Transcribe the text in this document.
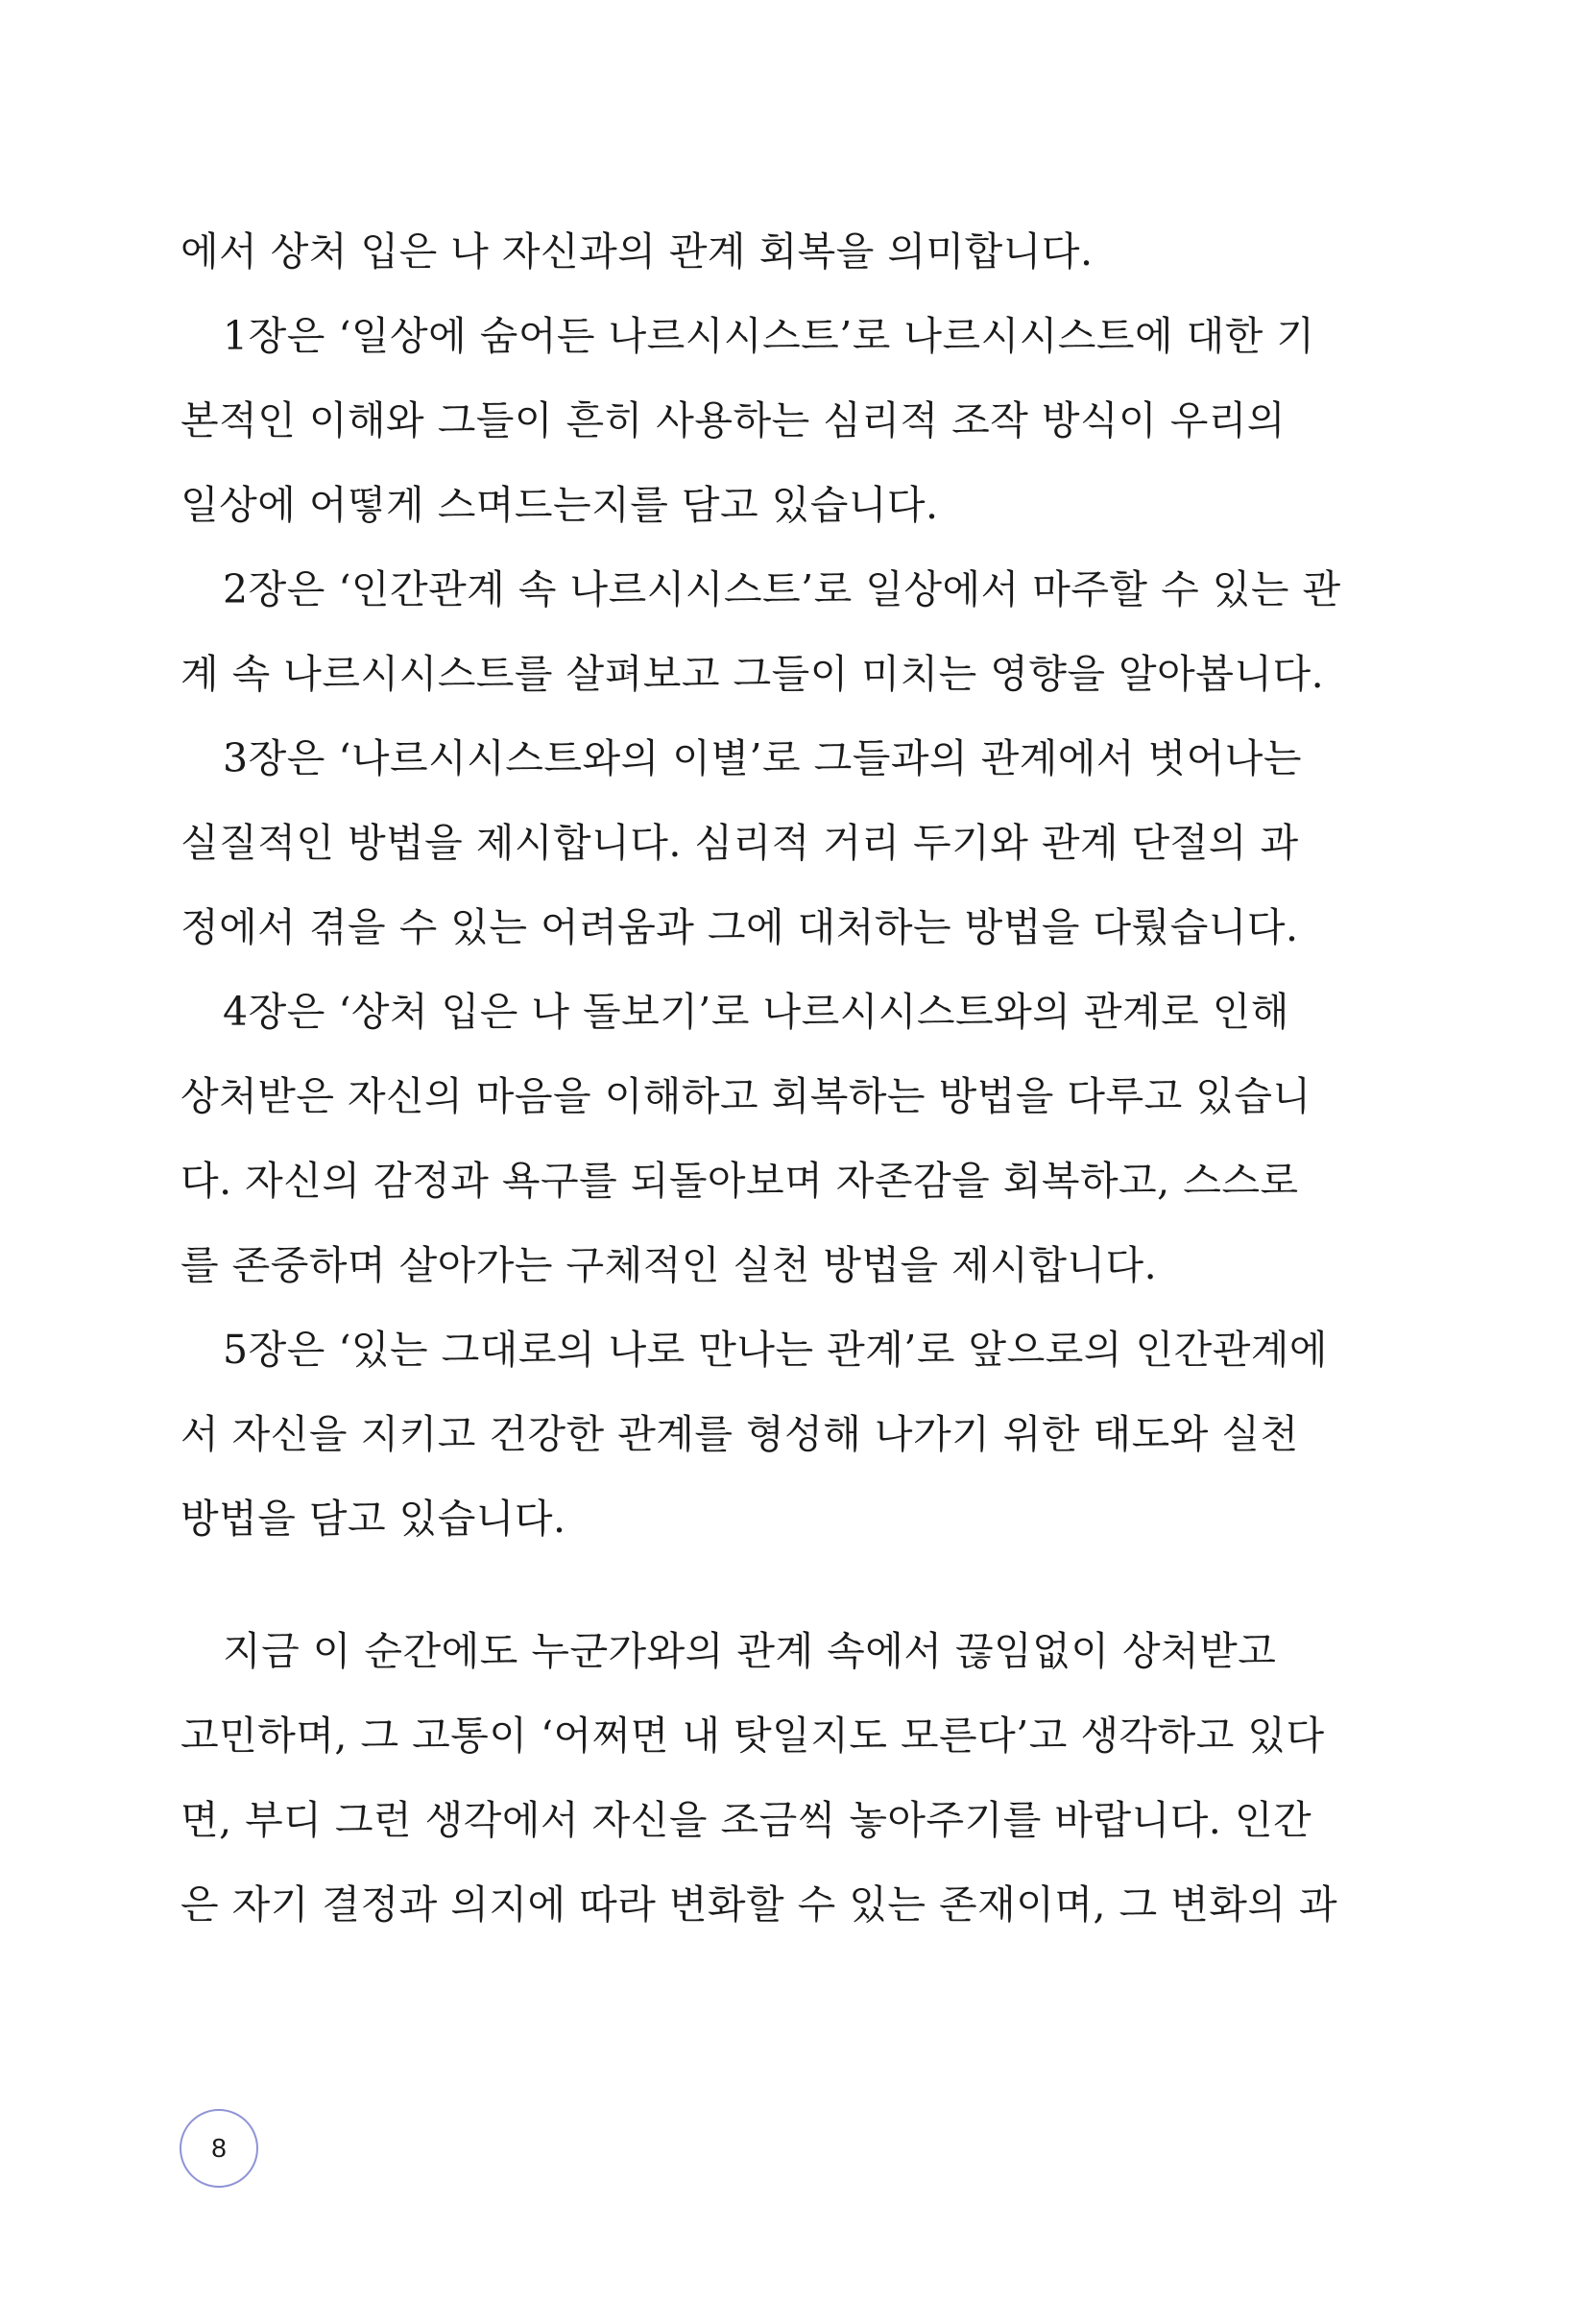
에서 상처 입은 나 자신과의 관계 회복을 의미합니다.
1장은 ‘일상에 숨어든 나르시시스트’로 나르시시스트에 대한 기
본적인 이해와 그들이 흔히 사용하는 심리적 조작 방식이 우리의
일상에 어떻게 스며드는지를 담고 있습니다.
2장은 ‘인간관계 속 나르시시스트’로 일상에서 마주할 수 있는 관
계 속 나르시시스트를 살펴보고 그들이 미치는 영향을 알아봅니다.
3장은 ‘나르시시스트와의 이별’로 그들과의 관계에서 벗어나는
실질적인 방법을 제시합니다. 심리적 거리 두기와 관계 단절의 과
정에서 겪을 수 있는 어려움과 그에 대처하는 방법을 다뤘습니다.
4장은 ‘상처 입은 나 돌보기’로 나르시시스트와의 관계로 인해
상처받은 자신의 마음을 이해하고 회복하는 방법을 다루고 있습니
다. 자신의 감정과 욕구를 되돌아보며 자존감을 회복하고, 스스로
를 존중하며 살아가는 구체적인 실천 방법을 제시합니다.
5장은 ‘있는 그대로의 나로 만나는 관계’로 앞으로의 인간관계에
서 자신을 지키고 건강한 관계를 형성해 나가기 위한 태도와 실천
방법을 담고 있습니다.
지금 이 순간에도 누군가와의 관계 속에서 끊임없이 상처받고
고민하며, 그 고통이 ‘어쩌면 내 탓일지도 모른다’고 생각하고 있다
면, 부디 그런 생각에서 자신을 조금씩 놓아주기를 바랍니다. 인간
은 자기 결정과 의지에 따라 변화할 수 있는 존재이며, 그 변화의 과
8
